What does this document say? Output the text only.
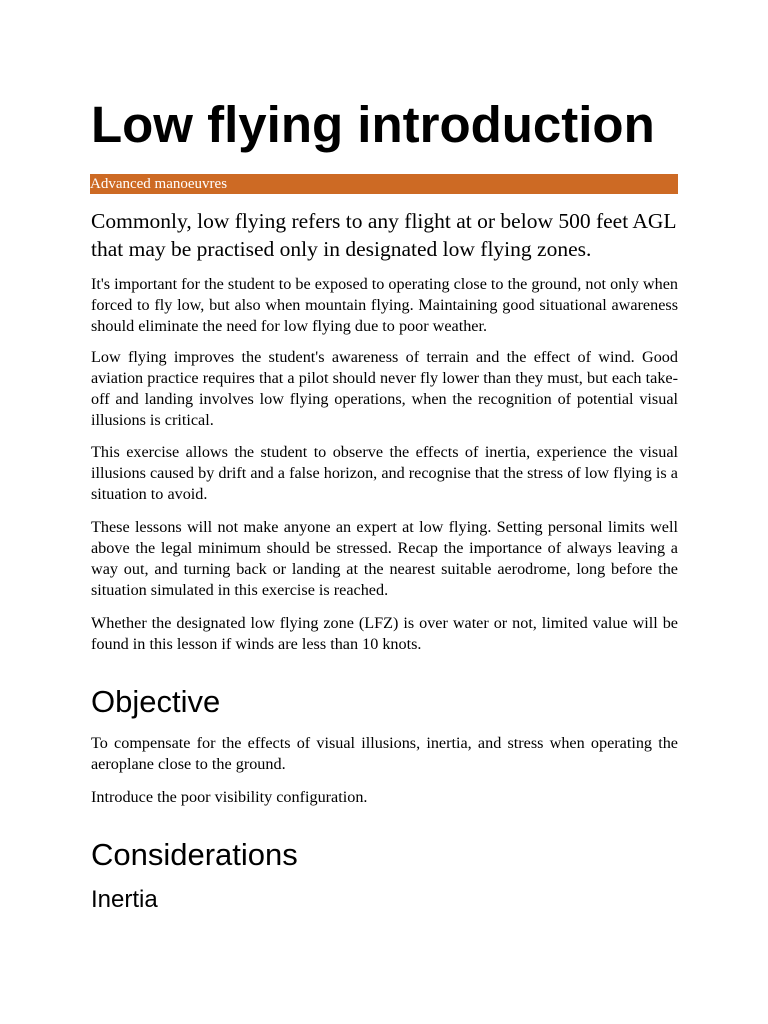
Low flying introduction
Advanced manoeuvres

Commonly, low flying refers to any flight at or below 500 feet AGL that may be practised only in designated low flying zones.

It's important for the student to be exposed to operating close to the ground, not only when forced to fly low, but also when mountain flying. Maintaining good situational awareness should eliminate the need for low flying due to poor weather.

Low flying improves the student's awareness of terrain and the effect of wind. Good aviation practice requires that a pilot should never fly lower than they must, but each take-off and landing involves low flying operations, when the recognition of potential visual illusions is critical.

This exercise allows the student to observe the effects of inertia, experience the visual illusions caused by drift and a false horizon, and recognise that the stress of low flying is a situation to avoid.

These lessons will not make anyone an expert at low flying. Setting personal limits well above the legal minimum should be stressed. Recap the importance of always leaving a way out, and turning back or landing at the nearest suitable aerodrome, long before the situation simulated in this exercise is reached.

Whether the designated low flying zone (LFZ) is over water or not, limited value will be found in this lesson if winds are less than 10 knots.

Objective

To compensate for the effects of visual illusions, inertia, and stress when operating the aeroplane close to the ground.

Introduce the poor visibility configuration.

Considerations
Inertia
